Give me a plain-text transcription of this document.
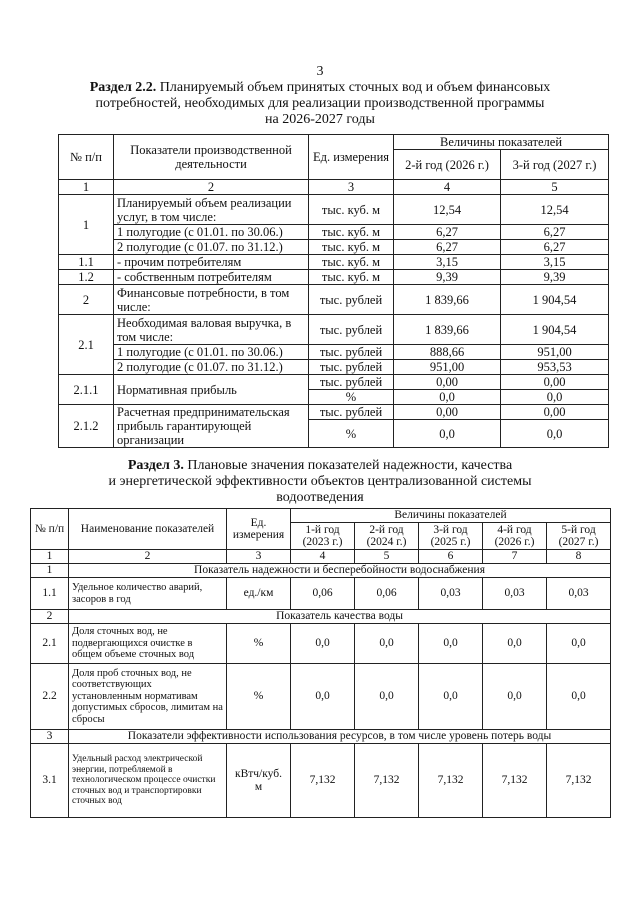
3
Раздел 2.2. Планируемый объем принятых сточных вод и объем финансовых
потребностей, необходимых для реализации производственной программы
на 2026-2027 годы
№ п/п	Показатели производственной деятельности	Ед. измерения	Величины показателей	
			2-й год (2026 г.)	3-й год (2027 г.)
1	2	3	4	5
1	Планируемый объем реализации услуг, в том числе:	тыс. куб. м	12,54	12,54
	1 полугодие (с 01.01. по 30.06.)	тыс. куб. м	6,27	6,27
	2 полугодие (с 01.07. по 31.12.)	тыс. куб. м	6,27	6,27
1.1	- прочим потребителям	тыс. куб. м	3,15	3,15
1.2	- собственным потребителям	тыс. куб. м	9,39	9,39
2	Финансовые потребности, в том числе:	тыс. рублей	1 839,66	1 904,54
2.1	Необходимая валовая выручка, в том числе:	тыс. рублей	1 839,66	1 904,54
	1 полугодие (с 01.01. по 30.06.)	тыс. рублей	888,66	951,00
	2 полугодие (с 01.07. по 31.12.)	тыс. рублей	951,00	953,53
2.1.1	Нормативная прибыль	тыс. рублей	0,00	0,00
		%	0,0	0,0
2.1.2	Расчетная предпринимательская прибыль гарантирующей организации	тыс. рублей	0,00	0,00
		%	0,0	0,0
Раздел 3. Плановые значения показателей надежности, качества
и энергетической эффективности объектов централизованной системы
водоотведения
№ п/п	Наименование показателей	Ед. измерения	Величины показателей				
			1-й год (2023 г.)	2-й год (2024 г.)	3-й год (2025 г.)	4-й год (2026 г.)	5-й год (2027 г.)
1	2	3	4	5	6	7	8
1	Показатель надежности и бесперебойности водоснабжения						
1.1	Удельное количество аварий, засоров в год	ед./км	0,06	0,06	0,03	0,03	0,03
2	Показатель качества воды						
2.1	Доля сточных вод, не подвергающихся очистке в общем объеме сточных вод	%	0,0	0,0	0,0	0,0	0,0
2.2	Доля проб сточных вод, не соответствующих установленным нормативам допустимых сбросов, лимитам на сбросы	%	0,0	0,0	0,0	0,0	0,0
3	Показатели эффективности использования ресурсов, в том числе уровень потерь воды						
3.1	Удельный расход электрической энергии, потребляемой в технологическом процессе очистки сточных вод и транспортировки сточных вод	кВтч/куб. м	7,132	7,132	7,132	7,132	7,132
